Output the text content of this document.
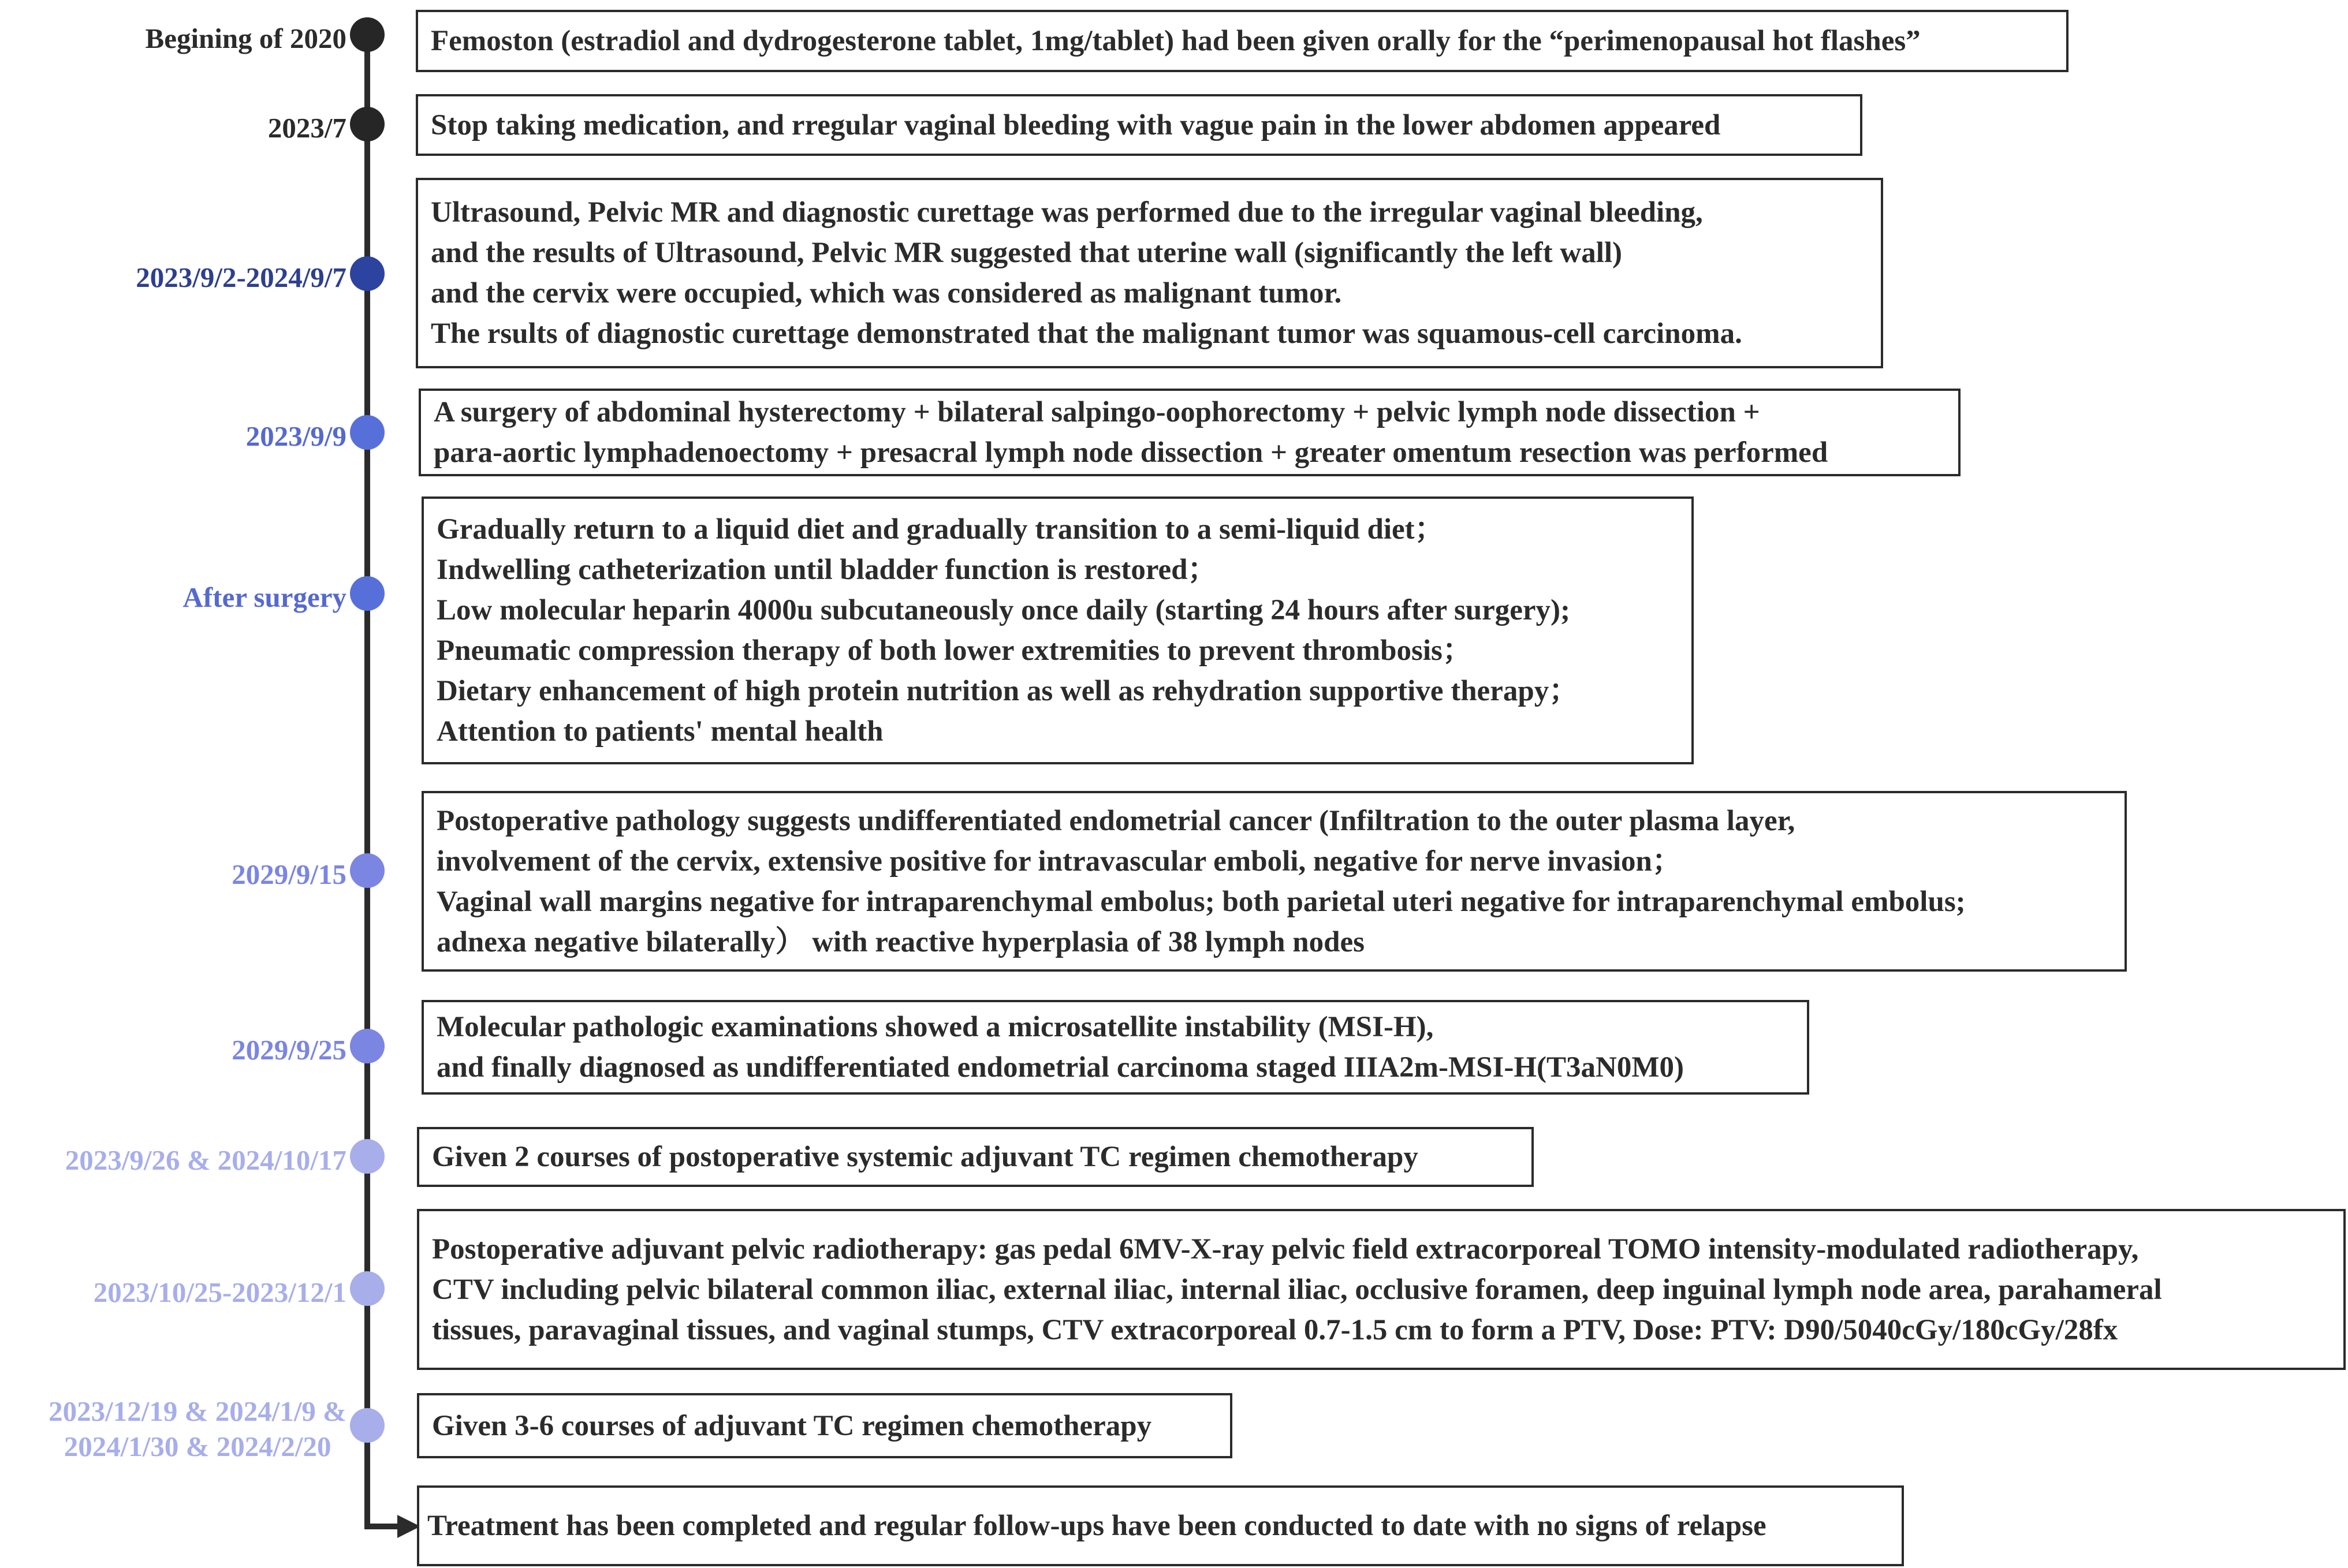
Begining of 2020
2023/7
2023/9/2-2024/9/7
2023/9/9
After surgery
2029/9/15
2029/9/25
2023/9/26 & 2024/10/17
2023/10/25-2023/12/1
2023/12/19 & 2024/1/9 &
2024/1/30 & 2024/2/20
Femoston (estradiol and dydrogesterone tablet, 1mg/tablet) had been given orally for the “perimenopausal hot flashes”
Stop taking medication, and rregular vaginal bleeding with vague pain in the lower abdomen appeared
Ultrasound, Pelvic MR and diagnostic curettage was performed due to the irregular vaginal bleeding,
and the results of Ultrasound, Pelvic MR suggested that uterine wall (significantly the left wall)
and the cervix were occupied, which was considered as malignant tumor.
The rsults of diagnostic curettage demonstrated that the malignant tumor was squamous-cell carcinoma.
A surgery of abdominal hysterectomy + bilateral salpingo-oophorectomy + pelvic lymph node dissection +
para-aortic lymphadenoectomy + presacral lymph node dissection + greater omentum resection was performed
Gradually return to a liquid diet and gradually transition to a semi-liquid diet；
Indwelling catheterization until bladder function is restored；
Low molecular heparin 4000u subcutaneously once daily (starting 24 hours after surgery);
Pneumatic compression therapy of both lower extremities to prevent thrombosis；
Dietary enhancement of high protein nutrition as well as rehydration supportive therapy；
Attention to patients' mental health
Postoperative pathology suggests undifferentiated endometrial cancer (Infiltration to the outer plasma layer,
involvement of the cervix, extensive positive for intravascular emboli, negative for nerve invasion；
Vaginal wall margins negative for intraparenchymal embolus; both parietal uteri negative for intraparenchymal embolus;
adnexa negative bilaterally） with reactive hyperplasia of 38 lymph nodes
Molecular pathologic examinations showed a microsatellite instability (MSI-H),
and finally diagnosed as undifferentiated endometrial carcinoma staged IIIA2m-MSI-H(T3aN0M0)
Given 2 courses of postoperative systemic adjuvant TC regimen chemotherapy
Postoperative adjuvant pelvic radiotherapy: gas pedal 6MV-X-ray pelvic field extracorporeal TOMO intensity-modulated radiotherapy,
CTV including pelvic bilateral common iliac, external iliac, internal iliac, occlusive foramen, deep inguinal lymph node area, parahameral
tissues, paravaginal tissues, and vaginal stumps, CTV extracorporeal 0.7-1.5 cm to form a PTV, Dose: PTV: D90/5040cGy/180cGy/28fx
Given 3-6 courses of adjuvant TC regimen chemotherapy
Treatment has been completed and regular follow-ups have been conducted to date with no signs of relapse
